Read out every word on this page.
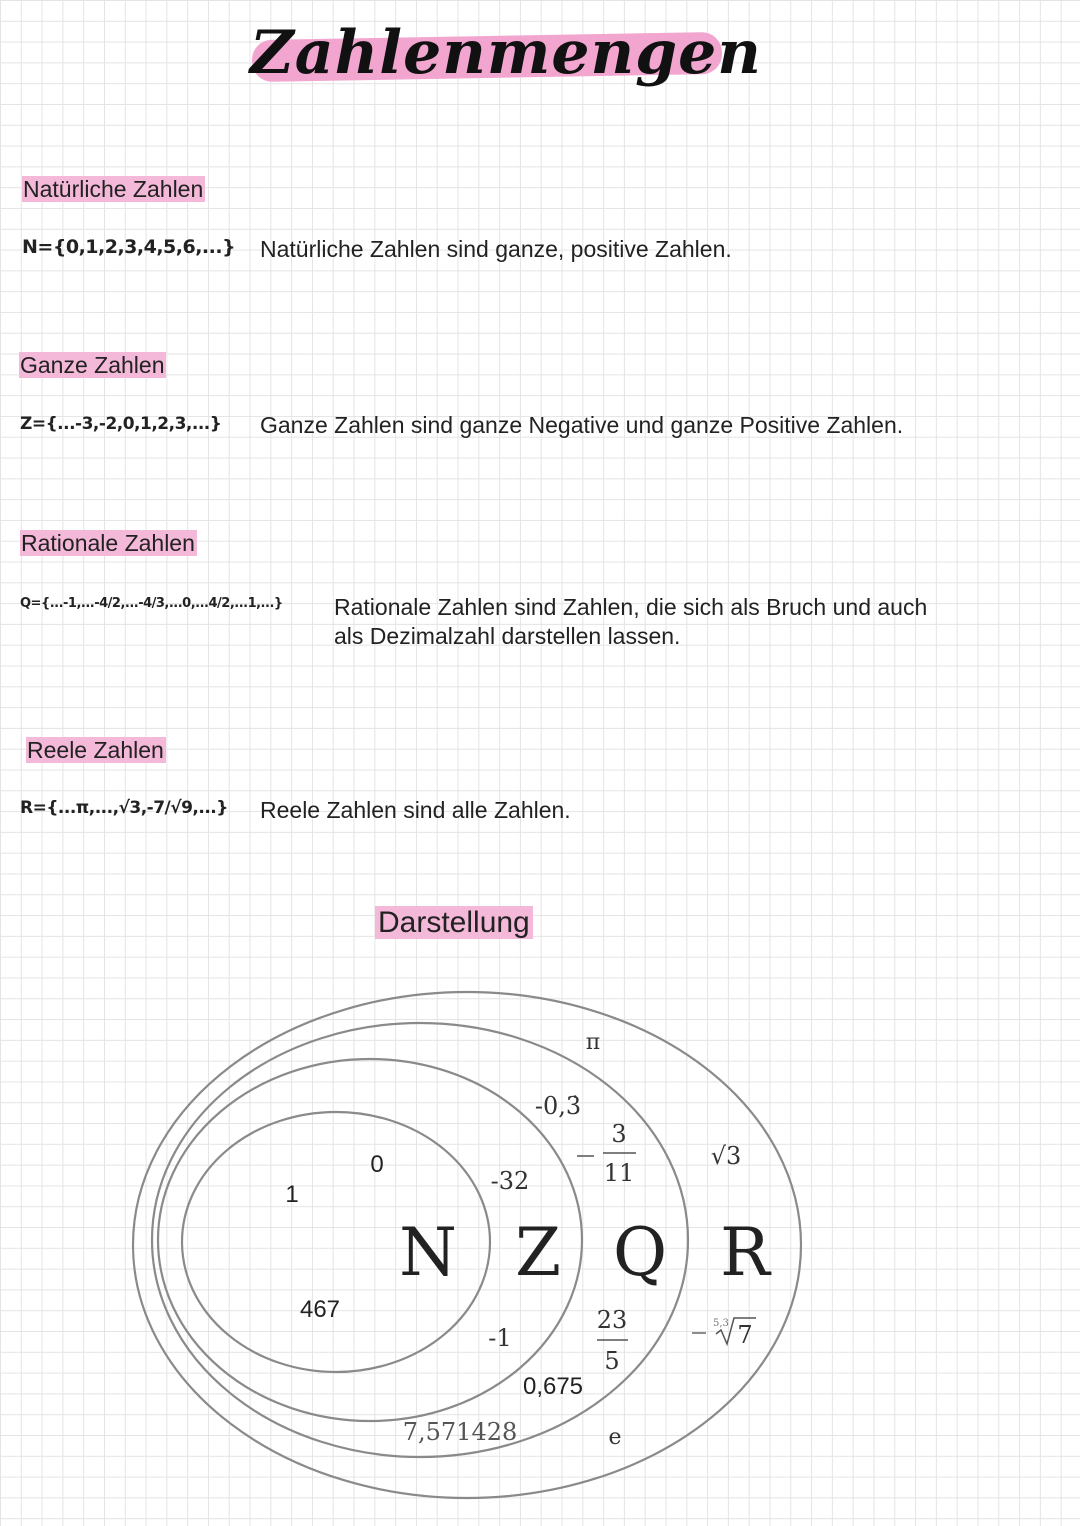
Zahlenmengen
Natürliche Zahlen
N={0,1,2,3,4,5,6,...} Natürliche Zahlen sind ganze, positive Zahlen.
Ganze Zahlen
Z={...-3,-2,0,1,2,3,...} Ganze Zahlen sind ganze Negative und ganze Positive Zahlen.
Rationale Zahlen
Q={...-1,...-4/2,...-4/3,...0,...4/2,...1,...} Rationale Zahlen sind Zahlen, die sich als Bruch und auch
als Dezimalzahl darstellen lassen.
Reele Zahlen
R={...π,...,√3,-7/√9,...} Reele Zahlen sind alle Zahlen.
Darstellung
N Z Q R
0
1
467
-32
-1
-0,3̇
0,675
7,571428
3
11
23
5
π
√3
e
5,3 7
